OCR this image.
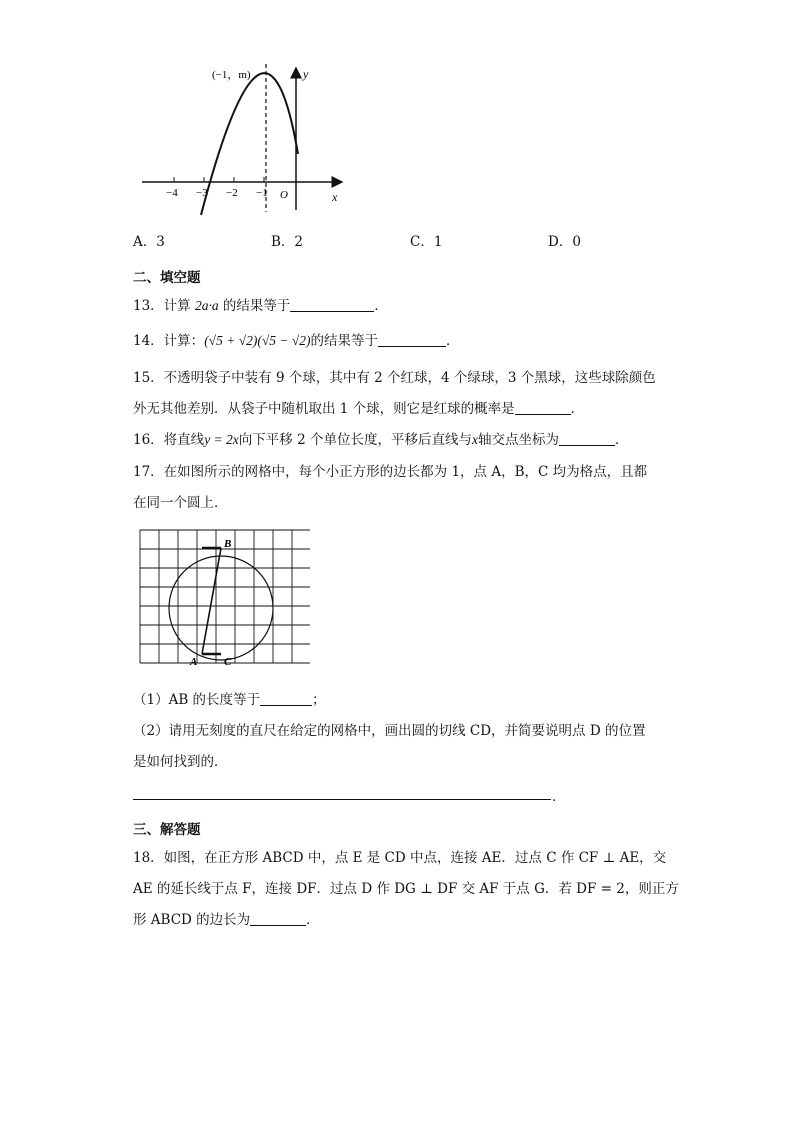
(−1，m)	y
x
O
−4 −3 −2 −1
A．3	B．2	C．1	D．0
二、填空题
13．计算 2a·a 的结果等于	．
14．计算：(√5 + √2)(√5 − √2)的结果等于	．
15．不透明袋子中装有 9 个球，其中有 2 个红球，4 个绿球，3 个黑球，这些球除颜色
外无其他差别．从袋子中随机取出 1 个球，则它是红球的概率是	．
16．将直线y = 2x向下平移 2 个单位长度，平移后直线与x轴交点坐标为	．
17．在如图所示的网格中，每个小正方形的边长都为 1，点 A，B，C 均为格点，且都
在同一个圆上．
B
A C
（1）AB 的长度等于	；
（2）请用无刻度的直尺在给定的网格中，画出圆的切线 CD，并简要说明点 D 的位置
是如何找到的．
．
三、解答题
18．如图，在正方形 ABCD 中，点 E 是 CD 中点，连接 AE．过点 C 作 CF ⊥ AE，交
AE 的延长线于点 F，连接 DF．过点 D 作 DG ⊥ DF 交 AF 于点 G．若 DF = 2，则正方
形 ABCD 的边长为	．
